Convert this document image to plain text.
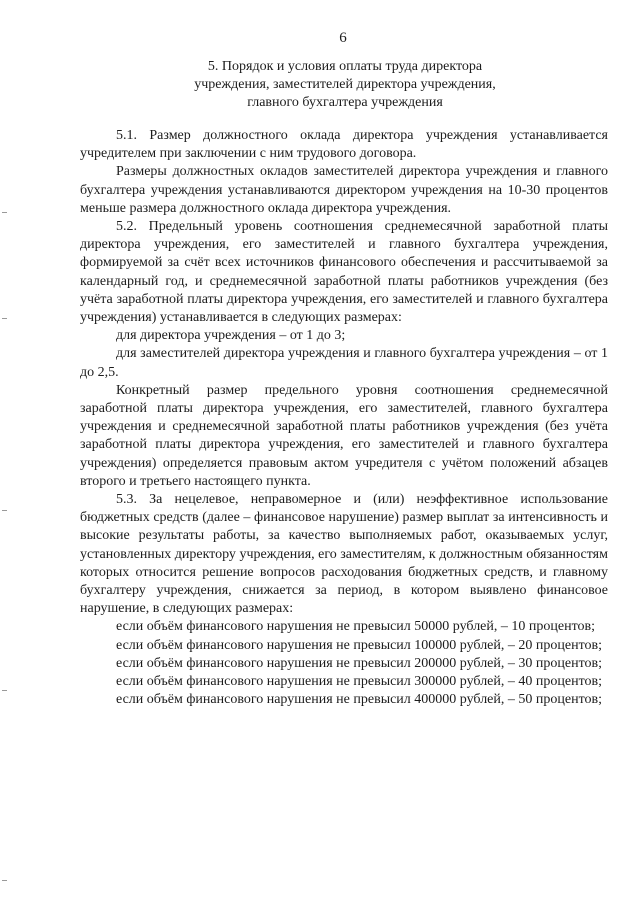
6
5. Порядок и условия оплаты труда директора
учреждения, заместителей директора учреждения,
главного бухгалтера учреждения

5.1. Размер должностного оклада директора учреждения устанавливается учредителем при заключении с ним трудового договора.

Размеры должностных окладов заместителей директора учреждения и главного бухгалтера учреждения устанавливаются директором учреждения на 10-30 процентов меньше размера должностного оклада директора учреждения.

5.2. Предельный уровень соотношения среднемесячной заработной платы директора учреждения, его заместителей и главного бухгалтера учреждения, формируемой за счёт всех источников финансового обеспечения и рассчитываемой за календарный год, и среднемесячной заработной платы работников учреждения (без учёта заработной платы директора учреждения, его заместителей и главного бухгалтера учреждения) устанавливается в следующих размерах:

для директора учреждения – от 1 до 3;

для заместителей директора учреждения и главного бухгалтера учреждения – от 1 до 2,5.

Конкретный размер предельного уровня соотношения среднемесячной заработной платы директора учреждения, его заместителей, главного бухгалтера учреждения и среднемесячной заработной платы работников учреждения (без учёта заработной платы директора учреждения, его заместителей и главного бухгалтера учреждения) определяется правовым актом учредителя с учётом положений абзацев второго и третьего настоящего пункта.

5.3. За нецелевое, неправомерное и (или) неэффективное использование бюджетных средств (далее – финансовое нарушение) размер выплат за интенсивность и высокие результаты работы, за качество выполняемых работ, оказываемых услуг, установленных директору учреждения, его заместителям, к должностным обязанностям которых относится решение вопросов расходования бюджетных средств, и главному бухгалтеру учреждения, снижается за период, в котором выявлено финансовое нарушение, в следующих размерах:

если объём финансового нарушения не превысил 50000 рублей, – 10 процентов;

если объём финансового нарушения не превысил 100000 рублей, – 20 процентов;

если объём финансового нарушения не превысил 200000 рублей, – 30 процентов;

если объём финансового нарушения не превысил 300000 рублей, – 40 процентов;

если объём финансового нарушения не превысил 400000 рублей, – 50 процентов;
